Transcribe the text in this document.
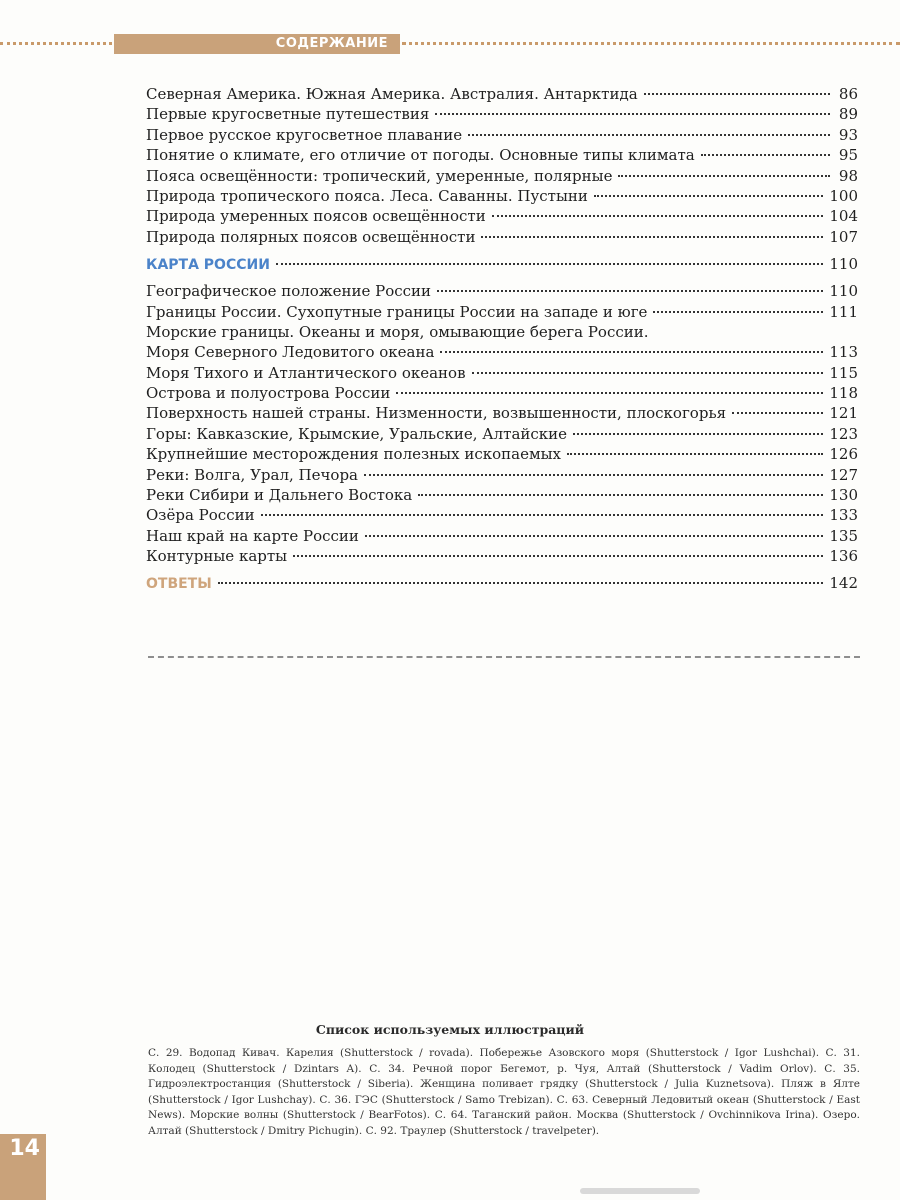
СОДЕРЖАНИЕ
Северная Америка. Южная Америка. Австралия. Антарктида	86
Первые кругосветные путешествия	89
Первое русское кругосветное плавание	93
Понятие о климате, его отличие от погоды. Основные типы климата	95
Пояса освещённости: тропический, умеренные, полярные	98
Природа тропического пояса. Леса. Саванны. Пустыни	100
Природа умеренных поясов освещённости	104
Природа полярных поясов освещённости	107
КАРТА РОССИИ	110
Географическое положение России	110
Границы России. Сухопутные границы России на западе и юге	111
Морские границы. Океаны и моря, омывающие берега России.
Моря Северного Ледовитого океана	113
Моря Тихого и Атлантического океанов	115
Острова и полуострова России	118
Поверхность нашей страны. Низменности, возвышенности, плоскогорья	121
Горы: Кавказские, Крымские, Уральские, Алтайские	123
Крупнейшие месторождения полезных ископаемых	126
Реки: Волга, Урал, Печора	127
Реки Сибири и Дальнего Востока	130
Озёра России	133
Наш край на карте России	135
Контурные карты	136
ОТВЕТЫ	142
Список используемых иллюстраций
С. 29. Водопад Кивач. Карелия (Shutterstock / rovada). Побережье Азовского моря (Shutterstock / Igor Lushchai). С. 31. Колодец (Shutterstock / Dzintars A). С. 34. Речной порог Бегемот, р. Чуя, Алтай (Shutterstock / Vadim Orlov). С. 35. Гидроэлектростанция (Shutterstock / Siberia). Женщина поливает грядку (Shutterstock / Julia Kuznetsova). Пляж в Ялте (Shutterstock / Igor Lushchay). С. 36. ГЭС (Shutterstock / Samo Trebizan). С. 63. Северный Ледовитый океан (Shutterstock / East News). Морские волны (Shutterstock / BearFotos). С. 64. Таганский район. Москва (Shutterstock / Ovchinnikova Irina). Озеро. Алтай (Shutterstock / Dmitry Pichugin). С. 92. Траулер (Shutterstock / travelpeter).
14
